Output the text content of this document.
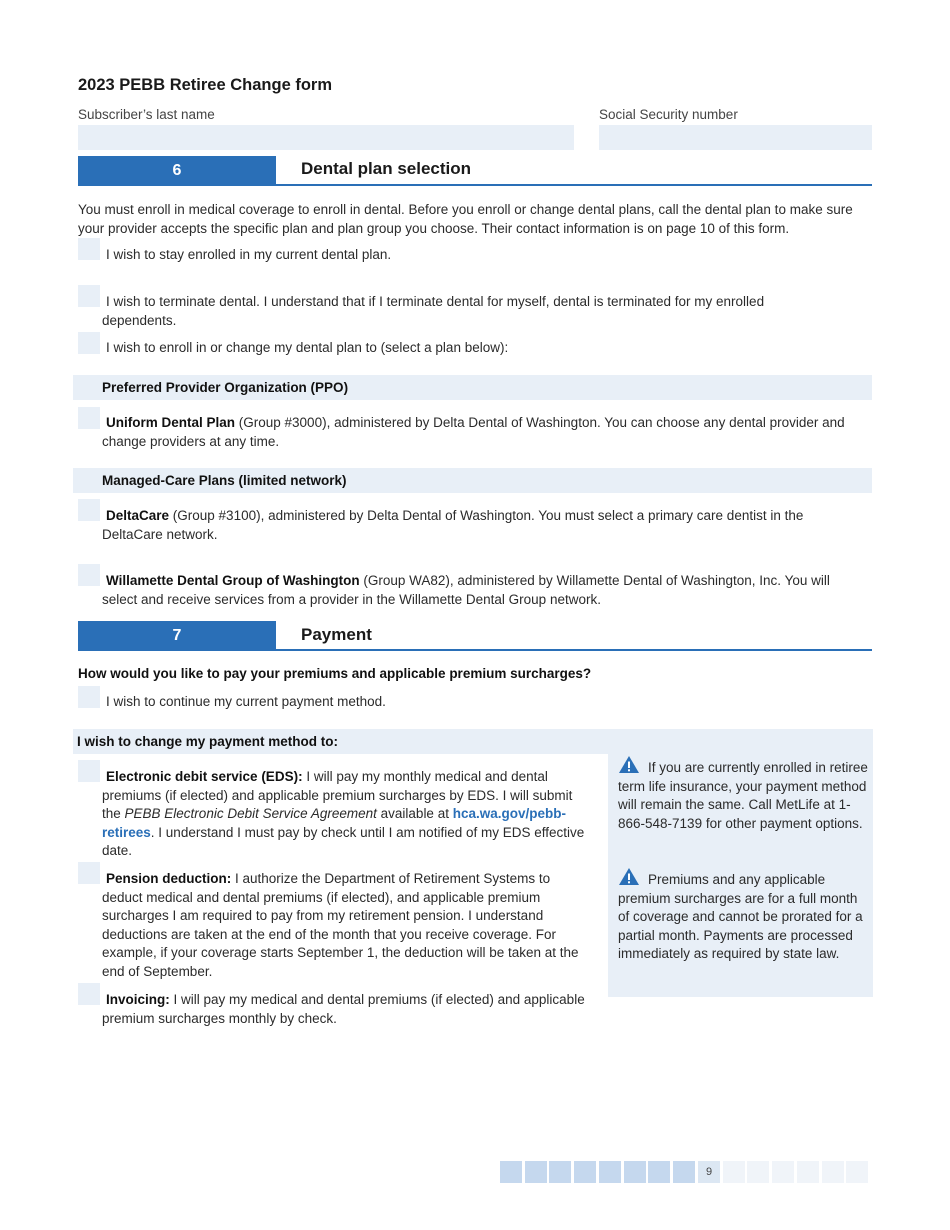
2023 PEBB Retiree Change form
Subscriber’s last name	Social Security number
6	Dental plan selection
You must enroll in medical coverage to enroll in dental. Before you enroll or change dental plans, call the dental plan to make sure your provider accepts the specific plan and plan group you choose. Their contact information is on page 10 of this form.
I wish to stay enrolled in my current dental plan.
I wish to terminate dental. I understand that if I terminate dental for myself, dental is terminated for my enrolled dependents.
I wish to enroll in or change my dental plan to (select a plan below):
Preferred Provider Organization (PPO)
Uniform Dental Plan (Group #3000), administered by Delta Dental of Washington. You can choose any dental provider and change providers at any time.
Managed-Care Plans (limited network)
DeltaCare (Group #3100), administered by Delta Dental of Washington. You must select a primary care dentist in the DeltaCare network.
Willamette Dental Group of Washington (Group WA82), administered by Willamette Dental of Washington, Inc. You will select and receive services from a provider in the Willamette Dental Group network.
7	Payment
How would you like to pay your premiums and applicable premium surcharges?
I wish to continue my current payment method.
I wish to change my payment method to:

If you are currently enrolled in retiree term life insurance, your payment method will remain the same. Call MetLife at 1-866-548-7139 for other payment options.

Premiums and any applicable premium surcharges are for a full month of coverage and cannot be prorated for a partial month. Payments are processed immediately as required by state law.

Electronic debit service (EDS): I will pay my monthly medical and dental premiums (if elected) and applicable premium surcharges by EDS. I will submit the PEBB Electronic Debit Service Agreement available at hca.wa.gov/pebb-retirees. I understand I must pay by check until I am notified of my EDS effective date.
Pension deduction: I authorize the Department of Retirement Systems to deduct medical and dental premiums (if elected), and applicable premium surcharges I am required to pay from my retirement pension. I understand deductions are taken at the end of the month that you receive coverage. For example, if your coverage starts September 1, the deduction will be taken at the end of September.
Invoicing: I will pay my medical and dental premiums (if elected) and applicable premium surcharges monthly by check.
9
